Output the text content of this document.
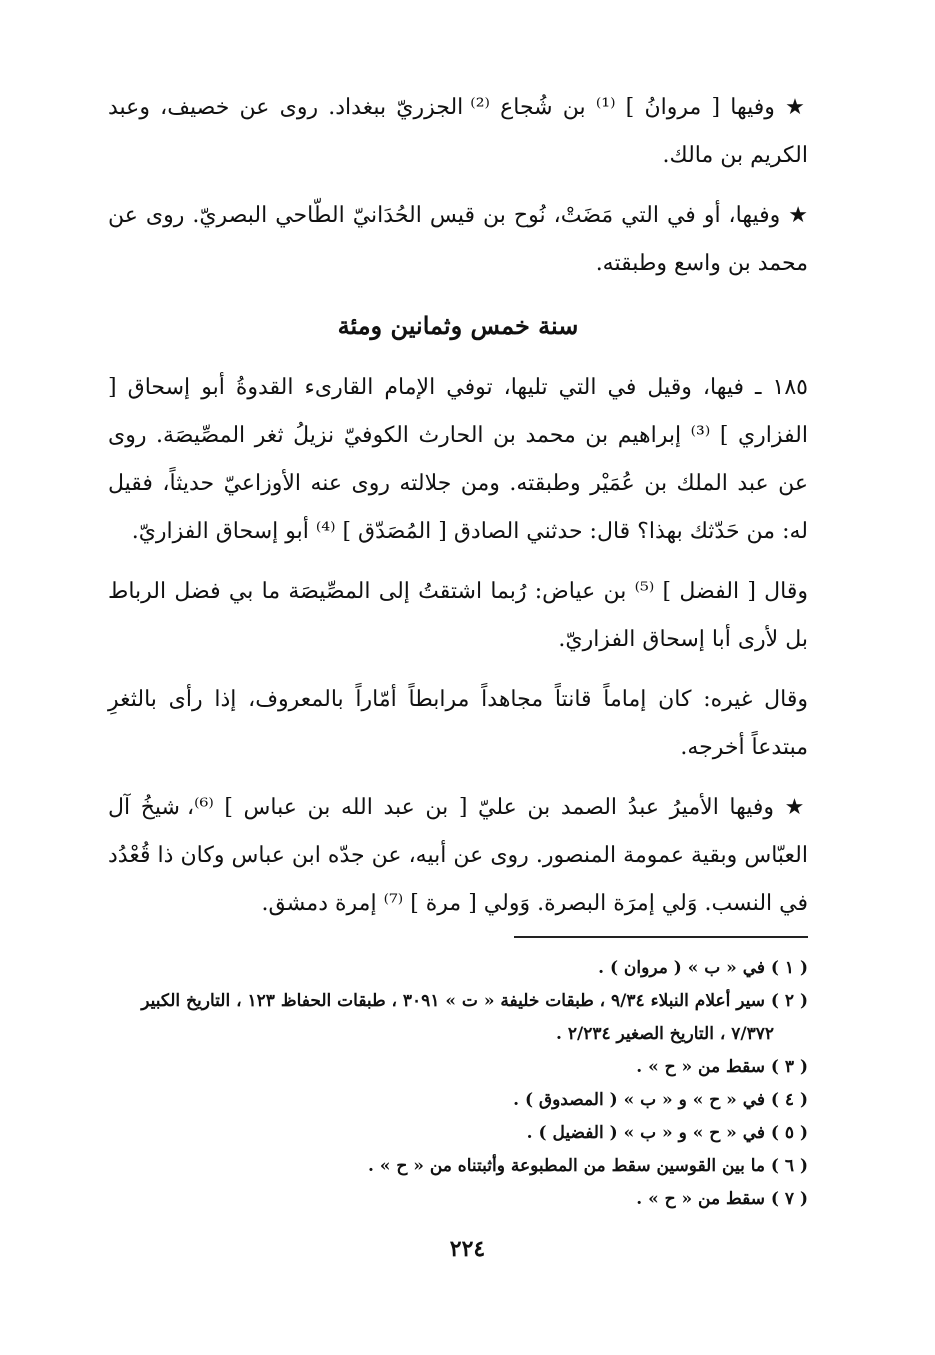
★ وفيها [ مروانُ ] ⁽¹⁾ بن شُجاع ⁽²⁾ الجزريّ ببغداد. روى عن خصيف، وعبد الكريم بن مالك.

★ وفيها، أو في التي مَضَتْ، نُوح بن قيس الحُدَانيّ الطّاحي البصريّ. روى عن محمد بن واسع وطبقته.

سنة خمس وثمانين ومئة

١٨٥ ـ فيها، وقيل في التي تليها، توفي الإمام القارىء القدوةُ أبو إسحاق [ الفزاري ] ⁽³⁾ إبراهيم بن محمد بن الحارث الكوفيّ نزيلُ ثغر المصِّيصَة. روى عن عبد الملك بن عُمَيْر وطبقته. ومن جلالته روى عنه الأوزاعيّ حديثاً، فقيل له: من حَدّثك بهذا؟ قال: حدثني الصادق [ المُصَدّق ] ⁽⁴⁾ أبو إسحاق الفزاريّ.

وقال [ الفضل ] ⁽⁵⁾ بن عياض: رُبما اشتقتُ إلى المصِّيصَة ما بي فضل الرباط بل لأرى أبا إسحاق الفزاريّ.

وقال غيره: كان إماماً قانتاً مجاهداً مرابطاً أمّاراً بالمعروف، إذا رأى بالثغرِ مبتدعاً أخرجه.

★ وفيها الأميرُ عبدُ الصمد بن عليّ [ بن عبد الله بن عباس ] ⁽⁶⁾، شيخُ آل العبّاس وبقية عمومة المنصور. روى عن أبيه، عن جدّه ابن عباس وكان ذا قُعْدُد في النسب. وَلي إمرَة البصرة. وَولي [ مرة ] ⁽⁷⁾ إمرة دمشق.

( ١ ) في « ب » ( مروان ) .

( ٢ ) سير أعلام النبلاء ٩/٣٤ ، طبقات خليفة « ت » ٣٠٩١ ، طبقات الحفاظ ١٢٣ ، التاريخ الكبير

٧/٣٧٢ ، التاريخ الصغير ٢/٢٣٤ .

( ٣ ) سقط من « ح » .

( ٤ ) في « ح » و « ب » ( المصدوق ) .

( ٥ ) في « ح » و « ب » ( الفضيل ) .

( ٦ ) ما بين القوسين سقط من المطبوعة وأثبتناه من « ح » .

( ٧ ) سقط من « ح » .

٢٢٤
